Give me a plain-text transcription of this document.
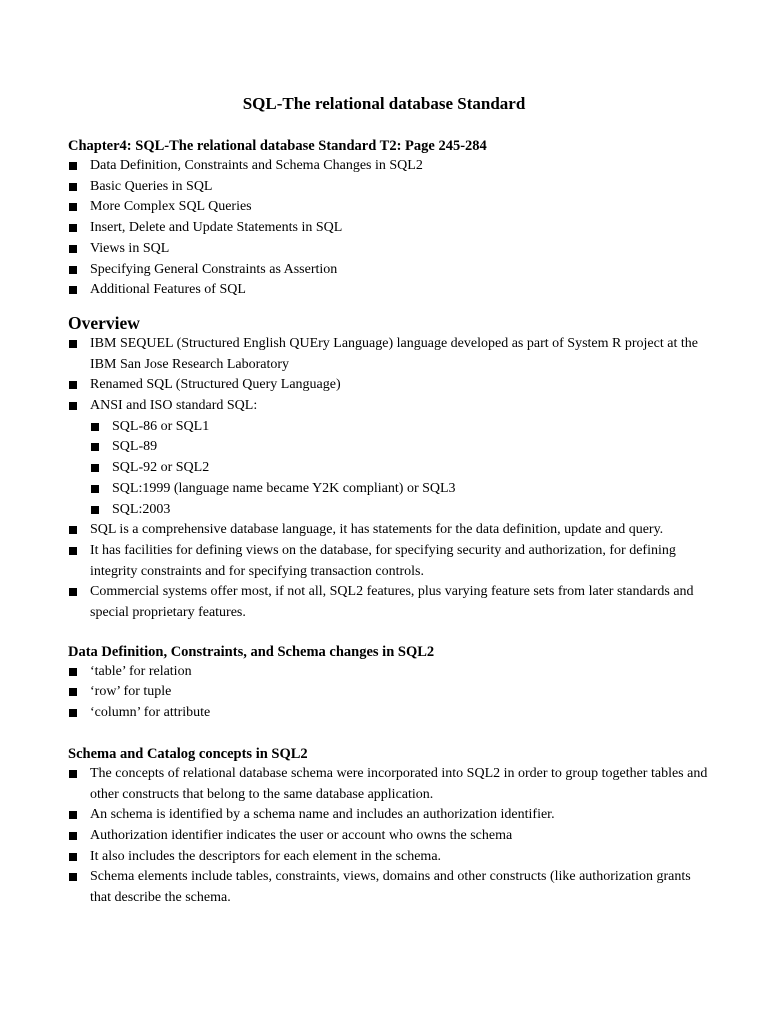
SQL-The relational database Standard

Chapter4: SQL-The relational database Standard T2: Page 245-284

Data Definition, Constraints and Schema Changes in SQL2
Basic Queries in SQL
More Complex SQL Queries
Insert, Delete and Update Statements in SQL
Views in SQL
Specifying General Constraints as Assertion
Additional Features of SQL

Overview

IBM SEQUEL (Structured English QUEry Language) language developed as part of System R project at the IBM San Jose Research Laboratory
Renamed SQL (Structured Query Language)
ANSI and ISO standard SQL:
SQL-86 or SQL1
SQL-89
SQL-92 or SQL2
SQL:1999 (language name became Y2K compliant) or SQL3
SQL:2003
SQL is a comprehensive database language, it has statements for the data definition, update and query.
It has facilities for defining views on the database, for specifying security and authorization, for defining integrity constraints and for specifying transaction controls.
Commercial systems offer most, if not all, SQL2 features, plus varying feature sets from later standards and special proprietary features.

Data Definition, Constraints, and Schema changes in SQL2

‘table’ for relation
‘row’ for tuple
‘column’ for attribute

Schema and Catalog concepts in SQL2

The concepts of relational database schema were incorporated into SQL2 in order to group together tables and other constructs that belong to the same database application.
An schema is identified by a schema name and includes an authorization identifier.
Authorization identifier indicates the user or account who owns the schema
It also includes the descriptors for each element in the schema.
Schema elements include tables, constraints, views, domains and other constructs (like authorization grants that describe the schema.
